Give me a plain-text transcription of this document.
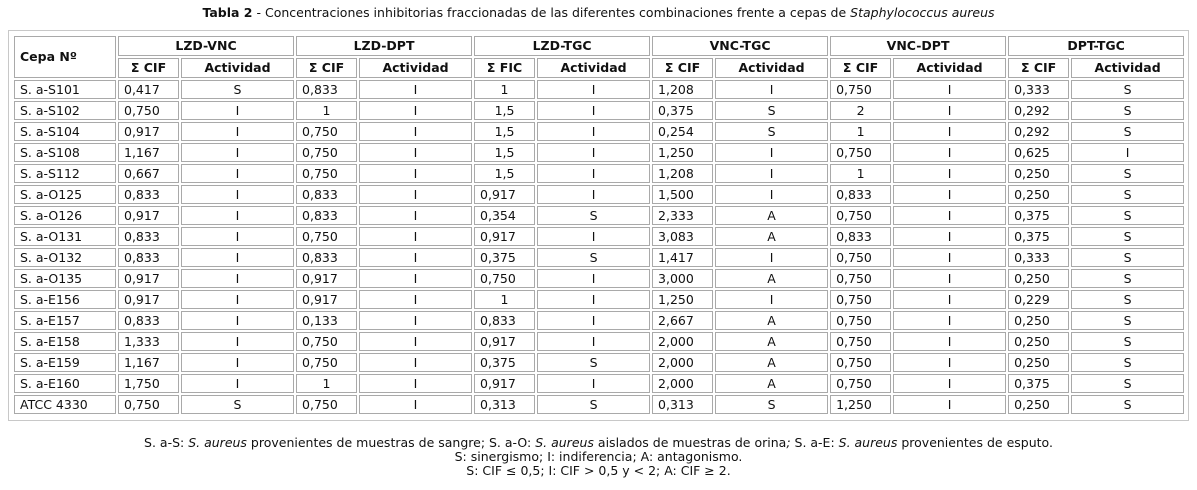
Tabla 2 - Concentraciones inhibitorias fraccionadas de las diferentes combinaciones frente a cepas de Staphylococcus aureus
Cepa Nº	LZD-VNC		LZD-DPT		LZD-TGC		VNC-TGC		VNC-DPT		DPT-TGC	
	Σ CIF	Actividad	Σ CIF	Actividad	Σ FIC	Actividad	Σ CIF	Actividad	Σ CIF	Actividad	Σ CIF	Actividad
S. a-S101	0,417	S	0,833	I	1	I	1,208	I	0,750	I	0,333	S
S. a-S102	0,750	I	1	I	1,5	I	0,375	S	2	I	0,292	S
S. a-S104	0,917	I	0,750	I	1,5	I	0,254	S	1	I	0,292	S
S. a-S108	1,167	I	0,750	I	1,5	I	1,250	I	0,750	I	0,625	I
S. a-S112	0,667	I	0,750	I	1,5	I	1,208	I	1	I	0,250	S
S. a-O125	0,833	I	0,833	I	0,917	I	1,500	I	0,833	I	0,250	S
S. a-O126	0,917	I	0,833	I	0,354	S	2,333	A	0,750	I	0,375	S
S. a-O131	0,833	I	0,750	I	0,917	I	3,083	A	0,833	I	0,375	S
S. a-O132	0,833	I	0,833	I	0,375	S	1,417	I	0,750	I	0,333	S
S. a-O135	0,917	I	0,917	I	0,750	I	3,000	A	0,750	I	0,250	S
S. a-E156	0,917	I	0,917	I	1	I	1,250	I	0,750	I	0,229	S
S. a-E157	0,833	I	0,133	I	0,833	I	2,667	A	0,750	I	0,250	S
S. a-E158	1,333	I	0,750	I	0,917	I	2,000	A	0,750	I	0,250	S
S. a-E159	1,167	I	0,750	I	0,375	S	2,000	A	0,750	I	0,250	S
S. a-E160	1,750	I	1	I	0,917	I	2,000	A	0,750	I	0,375	S
ATCC 4330	0,750	S	0,750	I	0,313	S	0,313	S	1,250	I	0,250	S
S. a-S: S. aureus provenientes de muestras de sangre; S. a-O: S. aureus aislados de muestras de orina; S. a-E: S. aureus provenientes de esputo.
S: sinergismo; I: indiferencia; A: antagonismo.
S: CIF ≤ 0,5; I: CIF > 0,5 y < 2; A: CIF ≥ 2.
